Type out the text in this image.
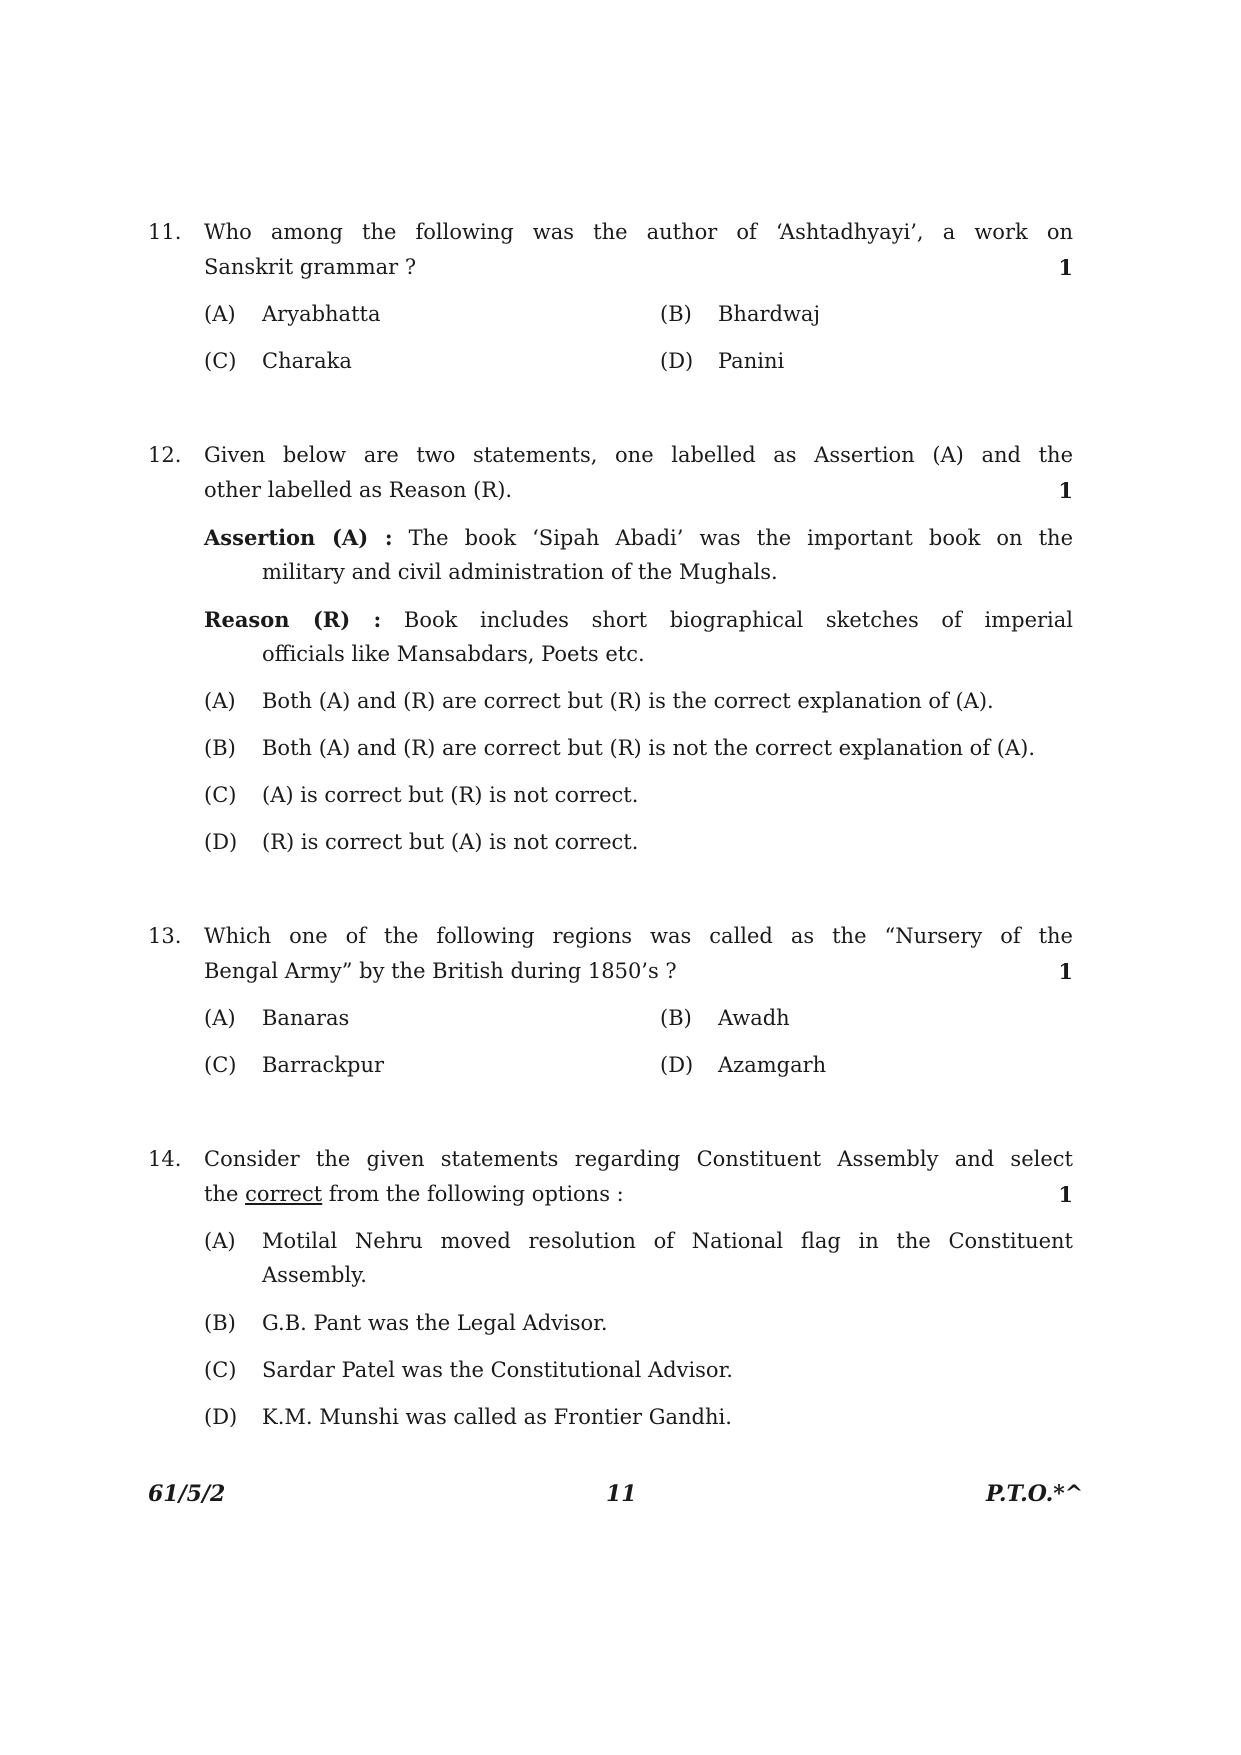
11. Who among the following was the author of ‘Ashtadhyayi’, a work on
Sanskrit grammar ?	1
(A) Aryabhatta	(B) Bhardwaj
(C) Charaka	(D) Panini
12. Given below are two statements, one labelled as Assertion (A) and the
other labelled as Reason (R).	1
Assertion (A) : The book ‘Sipah Abadi’ was the important book on the
military and civil administration of the Mughals.
Reason (R) : Book includes short biographical sketches of imperial
officials like Mansabdars, Poets etc.
(A) Both (A) and (R) are correct but (R) is the correct explanation of (A).
(B) Both (A) and (R) are correct but (R) is not the correct explanation of (A).
(C) (A) is correct but (R) is not correct.
(D) (R) is correct but (A) is not correct.
13. Which one of the following regions was called as the “Nursery of the
Bengal Army” by the British during 1850’s ?	1
(A) Banaras	(B) Awadh
(C) Barrackpur	(D) Azamgarh
14. Consider the given statements regarding Constituent Assembly and select
the correct from the following options :	1
(A)	Motilal Nehru moved resolution of National flag in the Constituent
Assembly.
(B) G.B. Pant was the Legal Advisor.
(C) Sardar Patel was the Constitutional Advisor.
(D) K.M. Munshi was called as Frontier Gandhi.
61/5/2	11	P.T.O.*^
